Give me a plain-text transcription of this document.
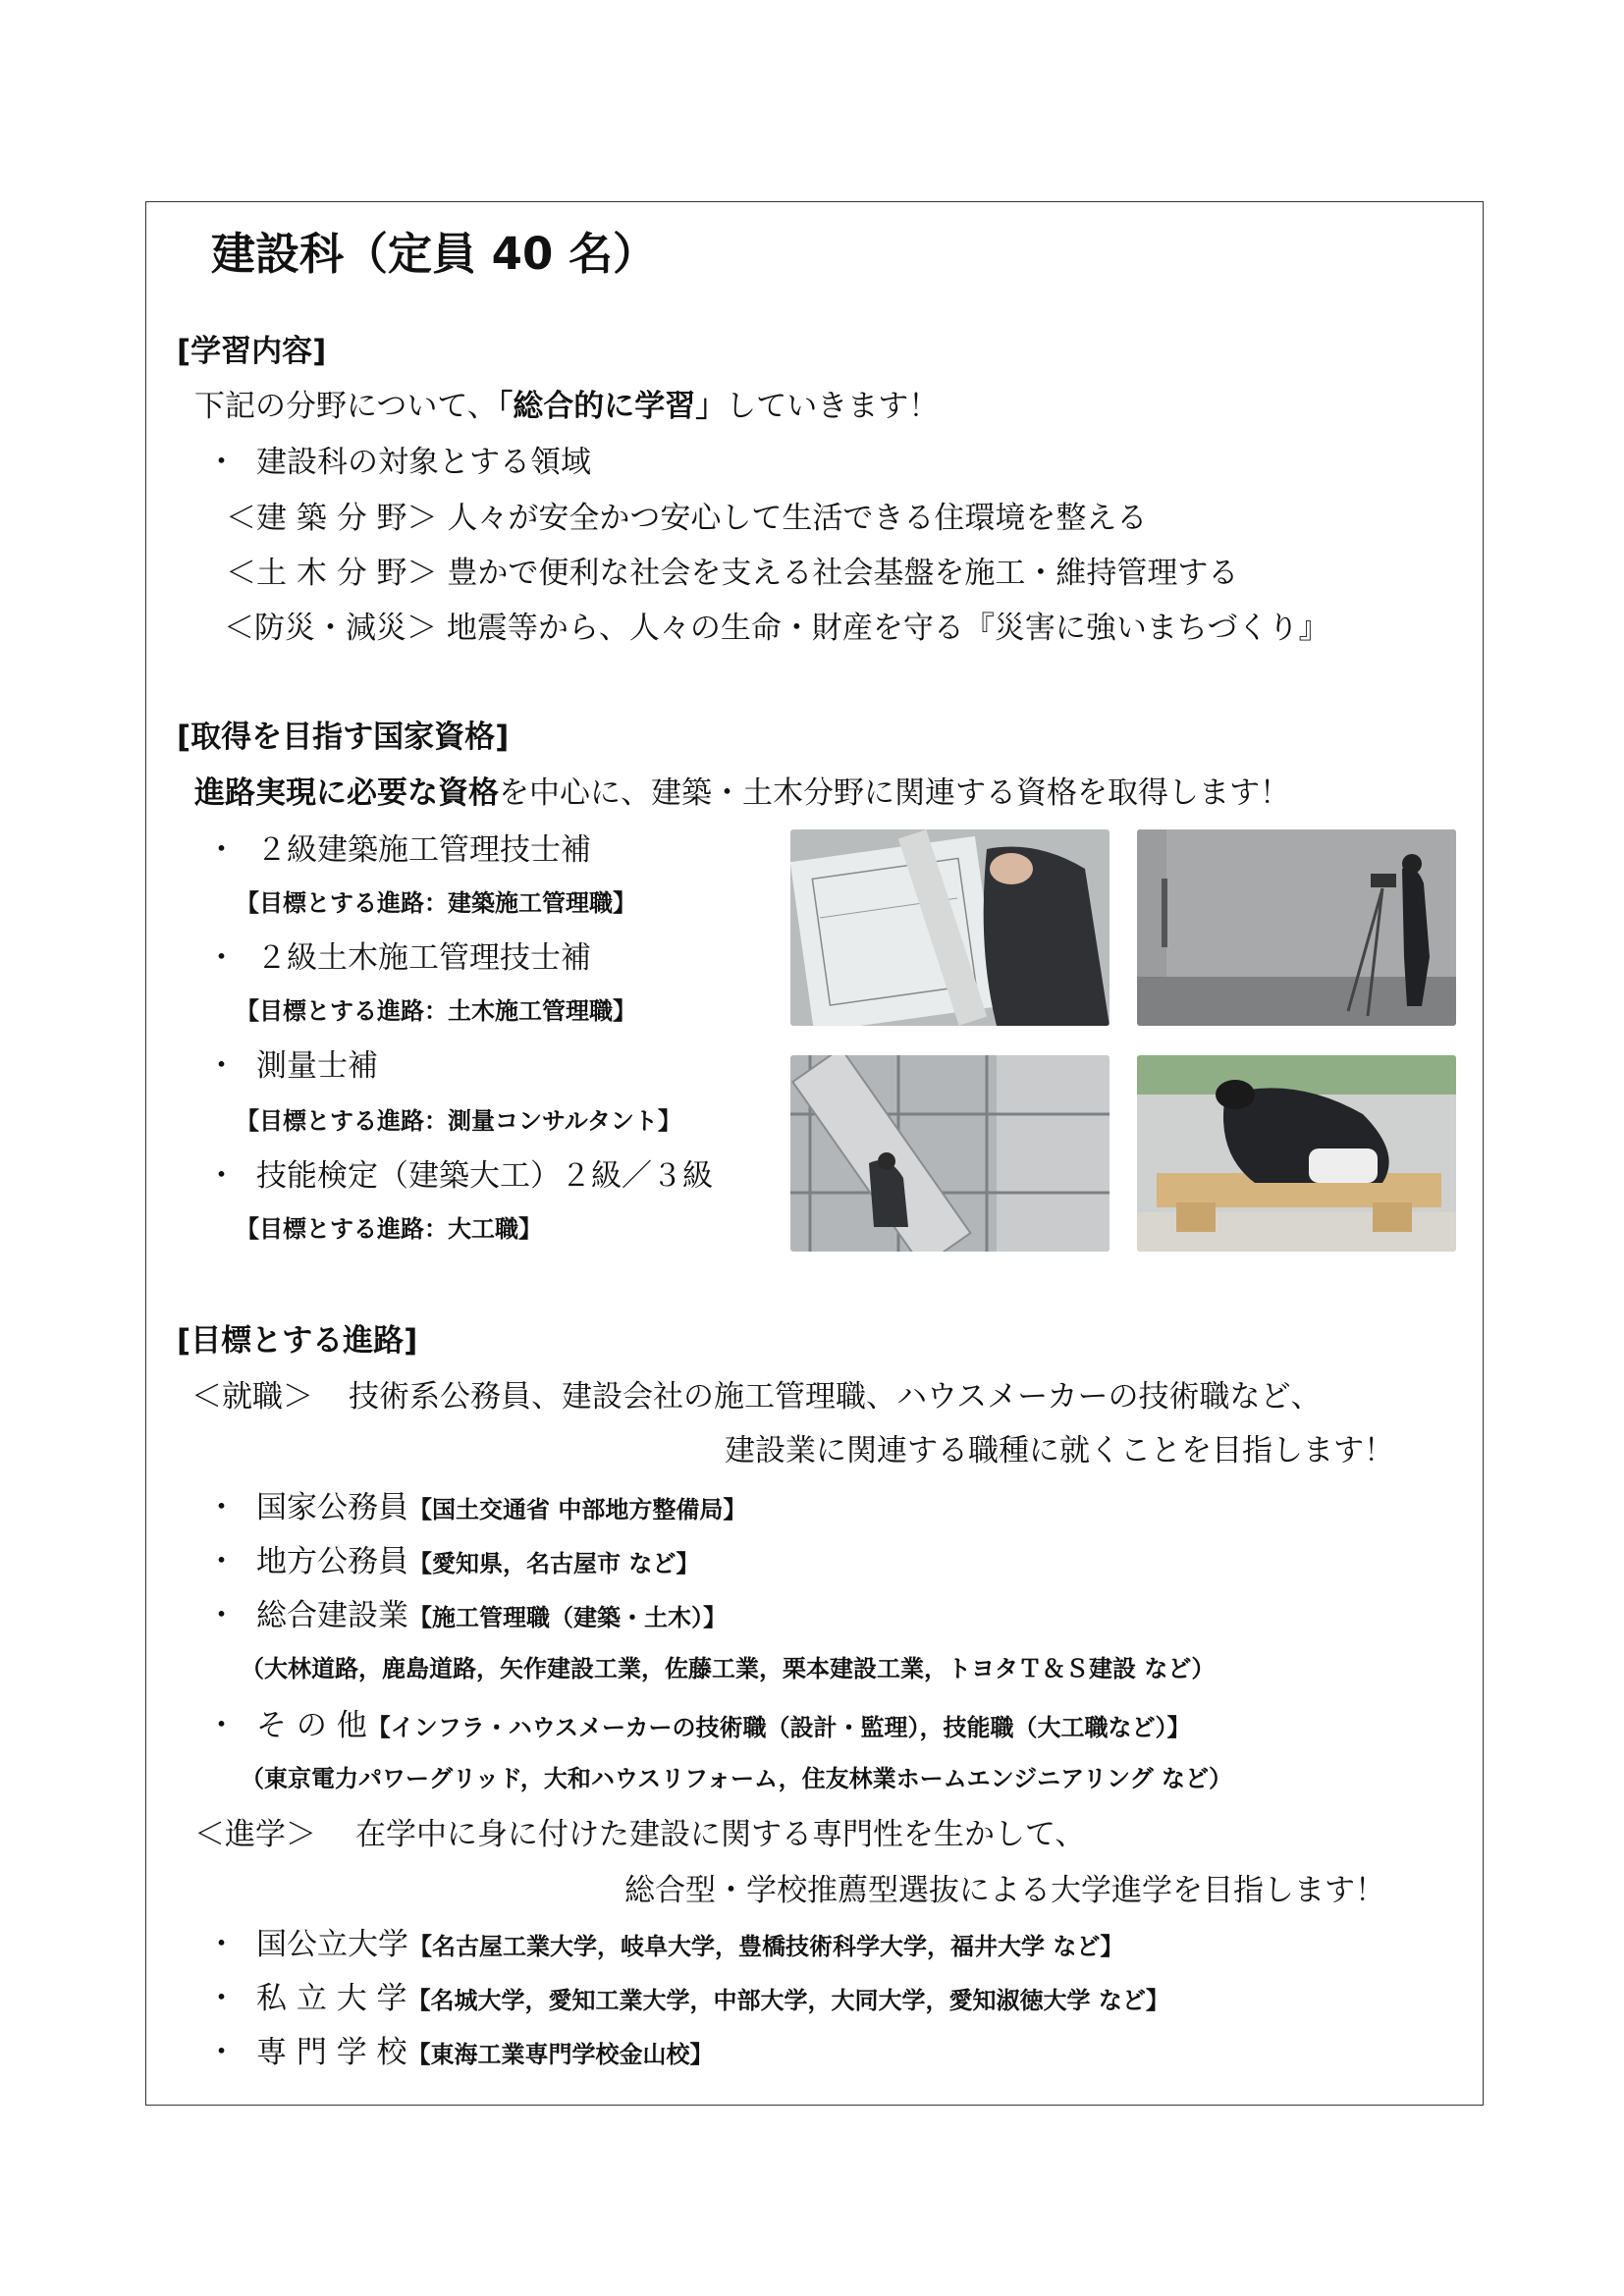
建設科（定員 40 名）
[学習内容]
下記の分野について、「総合的に学習」していきます！
・ 建設科の対象とする領域
＜建 築 分 野＞ 人々が安全かつ安心して生活できる住環境を整える
＜土 木 分 野＞ 豊かで便利な社会を支える社会基盤を施工・維持管理する
＜防災・減災＞ 地震等から、人々の生命・財産を守る『災害に強いまちづくり』
[取得を目指す国家資格]
進路実現に必要な資格を中心に、建築・土木分野に関連する資格を取得します！
・ ２級建築施工管理技士補
【目標とする進路：建築施工管理職】
・ ２級土木施工管理技士補
【目標とする進路：土木施工管理職】
・ 測量士補
【目標とする進路：測量コンサルタント】
・ 技能検定（建築大工）２級／３級
【目標とする進路：大工職】
[目標とする進路]
＜就職＞ 技術系公務員、建設会社の施工管理職、ハウスメーカーの技術職など、
建設業に関連する職種に就くことを目指します！
・ 国家公務員【国土交通省 中部地方整備局】
・ 地方公務員【愛知県，名古屋市 など】
・ 総合建設業【施工管理職（建築・土木）】
（大林道路，鹿島道路，矢作建設工業，佐藤工業，栗本建設工業，トヨタＴ＆Ｓ建設 など）
・ そ の 他【インフラ・ハウスメーカーの技術職（設計・監理），技能職（大工職など）】
（東京電力パワーグリッド，大和ハウスリフォーム，住友林業ホームエンジニアリング など）
＜進学＞ 在学中に身に付けた建設に関する専門性を生かして、
総合型・学校推薦型選抜による大学進学を目指します！
・ 国公立大学【名古屋工業大学，岐阜大学，豊橋技術科学大学，福井大学 など】
・ 私 立 大 学【名城大学，愛知工業大学，中部大学，大同大学，愛知淑徳大学 など】
・ 専 門 学 校【東海工業専門学校金山校】
